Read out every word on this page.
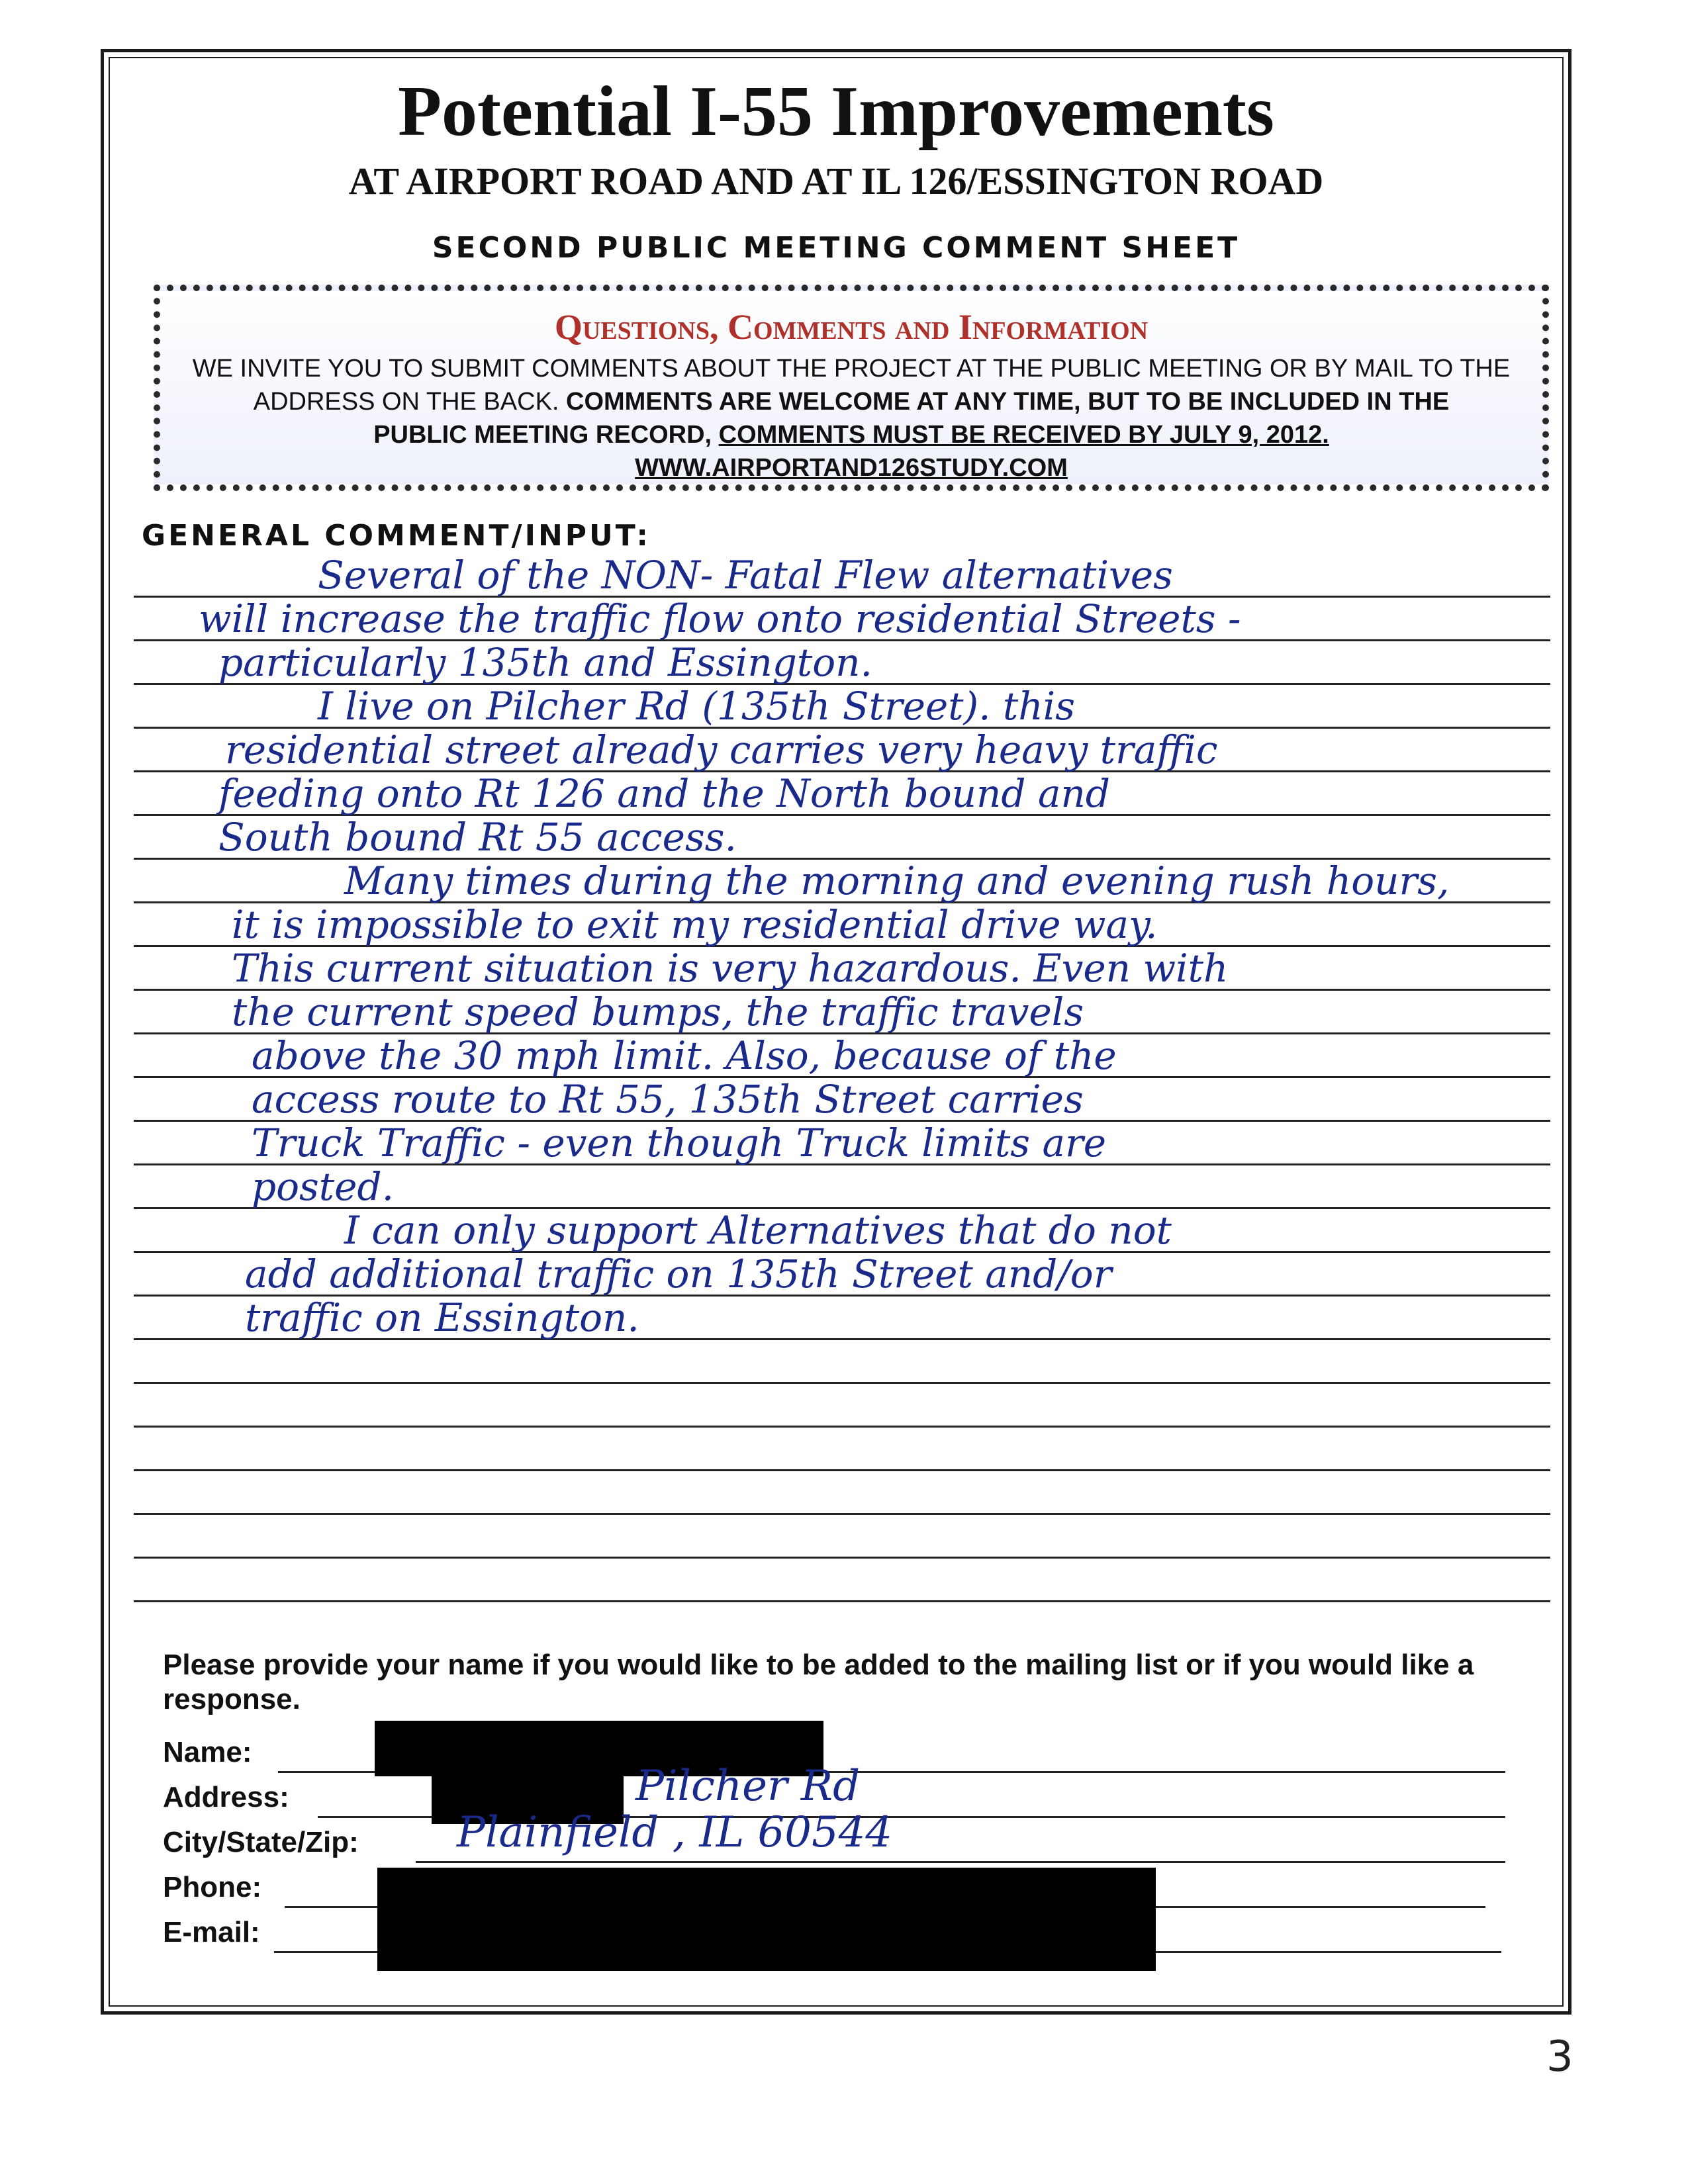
Potential I-55 Improvements
AT AIRPORT ROAD AND AT IL 126/ESSINGTON ROAD
SECOND PUBLIC MEETING COMMENT SHEET
Questions, Comments and Information
WE INVITE YOU TO SUBMIT COMMENTS ABOUT THE PROJECT AT THE PUBLIC MEETING OR BY MAIL TO THE
ADDRESS ON THE BACK. COMMENTS ARE WELCOME AT ANY TIME, BUT TO BE INCLUDED IN THE
PUBLIC MEETING RECORD, COMMENTS MUST BE RECEIVED BY JULY 9, 2012.
WWW.AIRPORTAND126STUDY.COM
GENERAL COMMENT/INPUT:
Several of the NON- Fatal Flew alternatives
will increase the traffic flow onto residential Streets -
particularly 135th and Essington.
I live on Pilcher Rd (135th Street). this
residential street already carries very heavy traffic
feeding onto Rt 126 and the North bound and
South bound Rt 55 access.
Many times during the morning and evening rush hours,
it is impossible to exit my residential drive way.
This current situation is very hazardous. Even with
the current speed bumps, the traffic travels
above the 30 mph limit. Also, because of the
access route to Rt 55, 135th Street carries
Truck Traffic - even though Truck limits are
posted.
I can only support Alternatives that do not
add additional traffic on 135th Street and/or
traffic on Essington.
Please provide your name if you would like to be added to the mailing list or if you would like a response.
Name:
Address:	Pilcher Rd
City/State/Zip: Plainfield , IL 60544
Phone:
E-mail:
3
